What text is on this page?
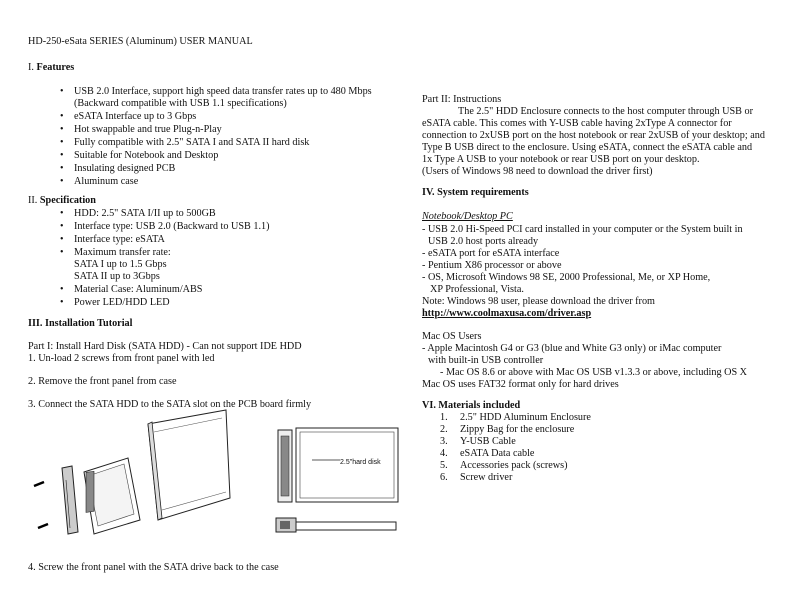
HD-250-eSata SERIES (Aluminum) USER MANUAL
I. Features
• USB 2.0 Interface, support high speed data transfer rates up to 480 Mbps
(Backward compatible with USB 1.1 specifications)
• eSATA Interface up to 3 Gbps
• Hot swappable and true Plug-n-Play
• Fully compatible with 2.5" SATA I and SATA II hard disk
• Suitable for Notebook and Desktop
• Insulating designed PCB
• Aluminum case
II. Specification
• HDD: 2.5" SATA I/II up to 500GB
• Interface type: USB 2.0 (Backward to USB 1.1)
• Interface type: eSATA
• Maximum transfer rate:
SATA I up to 1.5 Gbps
SATA II up to 3Gbps
• Material Case: Aluminum/ABS
• Power LED/HDD LED
III. Installation Tutorial
Part I: Install Hard Disk (SATA HDD) - Can not support IDE HDD
1. Un-load 2 screws from front panel with led
2. Remove the front panel from case
3. Connect the SATA HDD to the SATA slot on the PCB board firmly
2.5"hard disk
4. Screw the front panel with the SATA drive back to the case
Part II: Instructions
The 2.5" HDD Enclosure connects to the host computer through USB or
eSATA cable. This comes with Y-USB cable having 2xType A connector for
connection to 2xUSB port on the host notebook or rear 2xUSB of your desktop; and
Type B USB direct to the enclosure. Using eSATA, connect the eSATA cable and
1x Type A USB to your notebook or rear USB port on your desktop.
(Users of Windows 98 need to download the driver first)
IV. System requirements
Notebook/Desktop PC
- USB 2.0 Hi-Speed PCI card installed in your computer or the System built in
USB 2.0 host ports already
- eSATA port for eSATA interface
- Pentium X86 processor or above
- OS, Microsoft Windows 98 SE, 2000 Professional, Me, or XP Home,
XP Professional, Vista.
Note: Windows 98 user, please download the driver from
http://www.coolmaxusa.com/driver.asp
Mac OS Users
- Apple Macintosh G4 or G3 (blue and White G3 only) or iMac computer
with built-in USB controller
- Mac OS 8.6 or above with Mac OS USB v1.3.3 or above, including OS X
Mac OS uses FAT32 format only for hard drives
VI. Materials included
1. 2.5" HDD Aluminum Enclosure
2. Zippy Bag for the enclosure
3. Y-USB Cable
4. eSATA Data cable
5. Accessories pack (screws)
6. Screw driver
